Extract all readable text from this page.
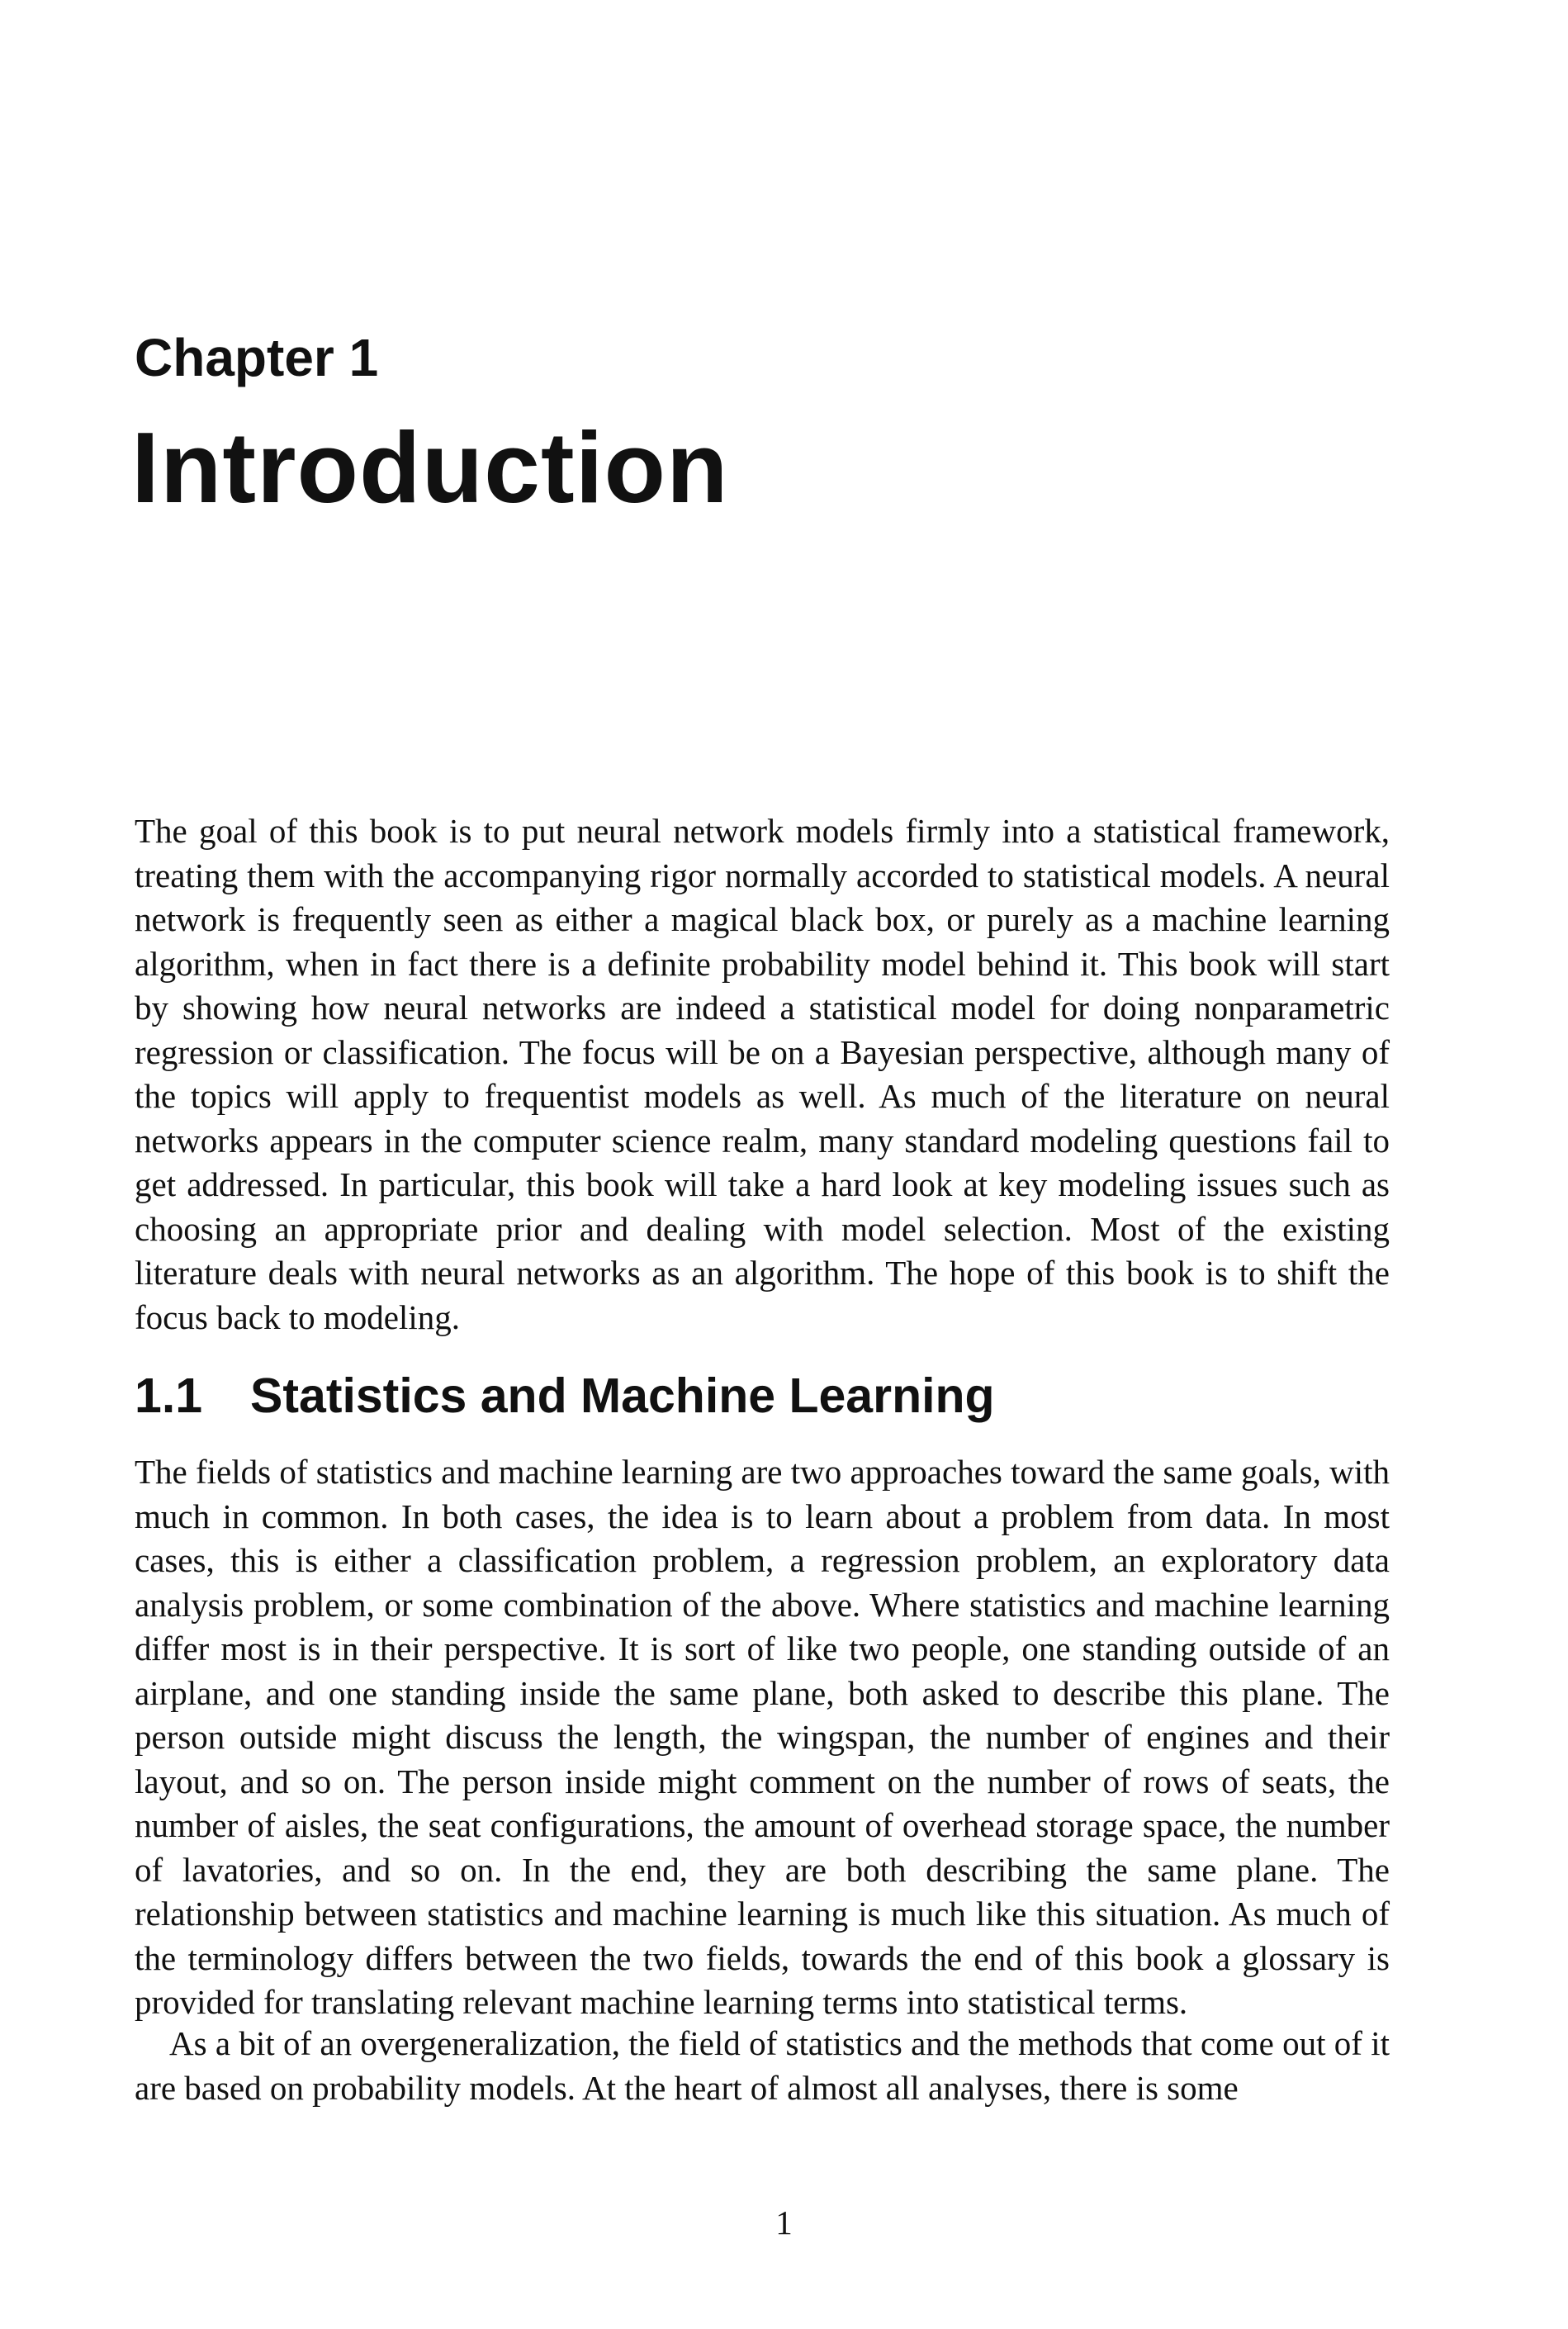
Chapter 1

Introduction

The goal of this book is to put neural network models firmly into a statistical framework, treating them with the accompanying rigor normally accorded to statistical models. A neural network is frequently seen as either a magical black box, or purely as a machine learning algorithm, when in fact there is a definite probability model behind it. This book will start by showing how neural networks are indeed a statistical model for doing nonparametric regression or classification. The focus will be on a Bayesian perspective, although many of the topics will apply to frequentist models as well. As much of the literature on neural networks appears in the computer science realm, many standard modeling questions fail to get addressed. In particular, this book will take a hard look at key modeling issues such as choosing an appropriate prior and dealing with model selection. Most of the existing literature deals with neural networks as an algorithm. The hope of this book is to shift the focus back to modeling.

1.1 Statistics and Machine Learning

The fields of statistics and machine learning are two approaches toward the same goals, with much in common. In both cases, the idea is to learn about a problem from data. In most cases, this is either a classification problem, a regression problem, an exploratory data analysis problem, or some combination of the above. Where statistics and machine learning differ most is in their perspective. It is sort of like two people, one standing outside of an airplane, and one standing inside the same plane, both asked to describe this plane. The person outside might discuss the length, the wingspan, the number of engines and their layout, and so on. The person inside might comment on the number of rows of seats, the number of aisles, the seat configurations, the amount of overhead storage space, the number of lavatories, and so on. In the end, they are both describing the same plane. The relationship between statistics and machine learning is much like this situation. As much of the terminology differs between the two fields, towards the end of this book a glossary is provided for translating relevant machine learning terms into statistical terms.

As a bit of an overgeneralization, the field of statistics and the methods that come out of it are based on probability models. At the heart of almost all analyses, there is some

1
